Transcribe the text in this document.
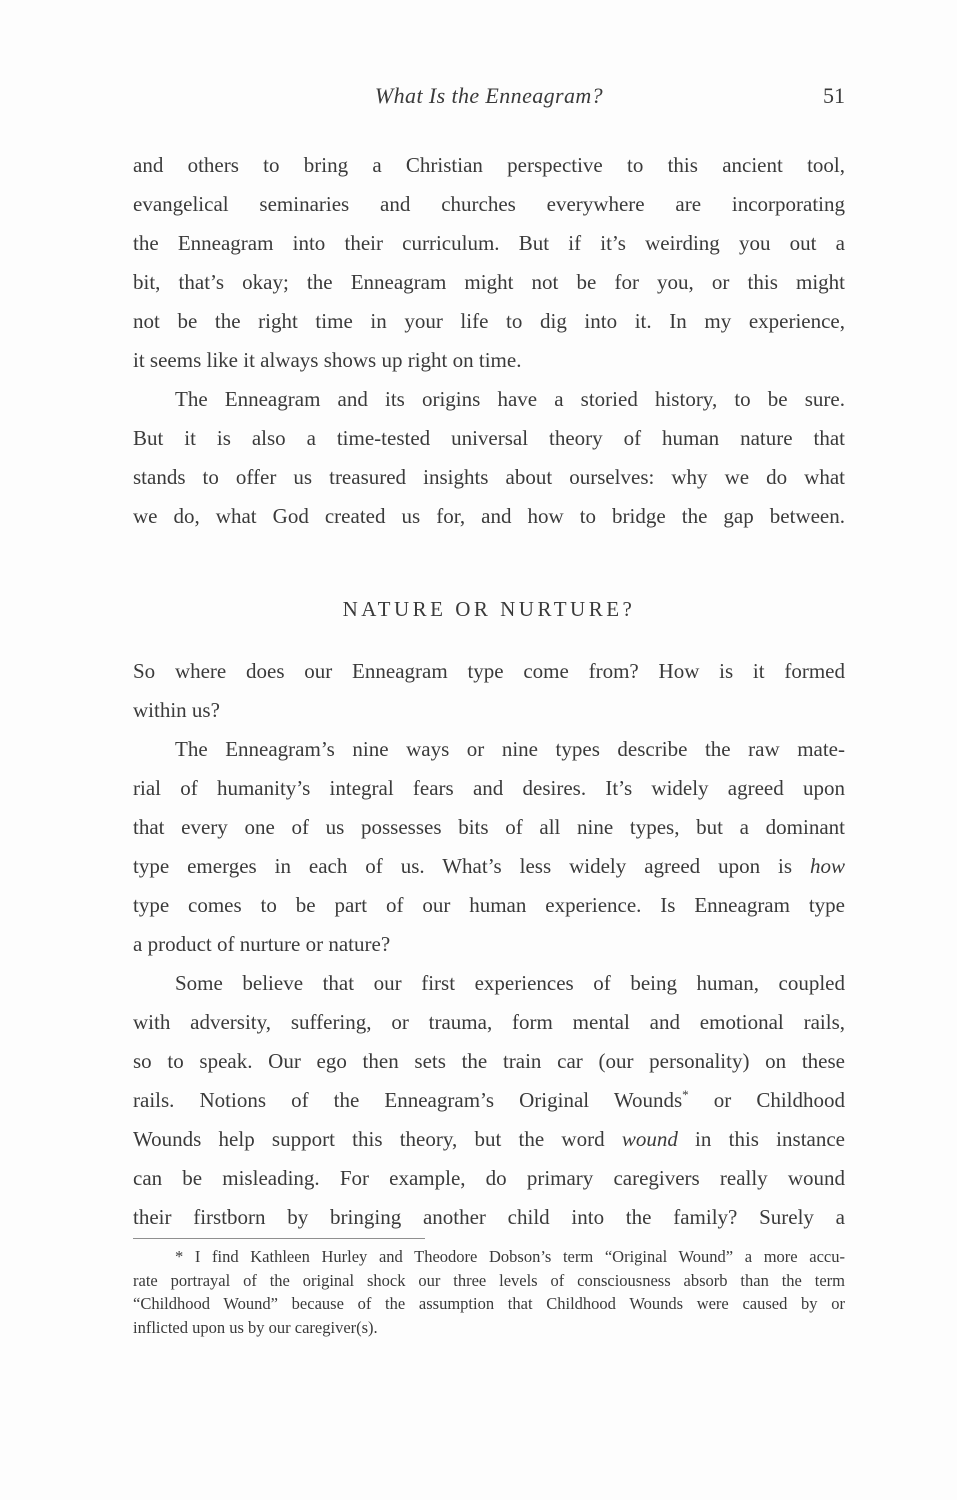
What Is the Enneagram?	51
and others to bring a Christian perspective to this ancient tool,
evangelical seminaries and churches everywhere are incorporating
the Enneagram into their curriculum. But if it’s weirding you out a
bit, that’s okay; the Enneagram might not be for you, or this might
not be the right time in your life to dig into it. In my experience,
it seems like it always shows up right on time.
The Enneagram and its origins have a storied history, to be sure.
But it is also a time-tested universal theory of human nature that
stands to offer us treasured insights about ourselves: why we do what
we do, what God created us for, and how to bridge the gap between.
NATURE OR NURTURE?
So where does our Enneagram type come from? How is it formed
within us?
The Enneagram’s nine ways or nine types describe the raw mate-
rial of humanity’s integral fears and desires. It’s widely agreed upon
that every one of us possesses bits of all nine types, but a dominant
type emerges in each of us. What’s less widely agreed upon is how
type comes to be part of our human experience. Is Enneagram type
a product of nurture or nature?
Some believe that our first experiences of being human, coupled
with adversity, suffering, or trauma, form mental and emotional rails,
so to speak. Our ego then sets the train car (our personality) on these
rails. Notions of the Enneagram’s Original Wounds* or Childhood
Wounds help support this theory, but the word wound in this instance
can be misleading. For example, do primary caregivers really wound
their firstborn by bringing another child into the family? Surely a
* I find Kathleen Hurley and Theodore Dobson’s term “Original Wound” a more accu-
rate portrayal of the original shock our three levels of consciousness absorb than the term
“Childhood Wound” because of the assumption that Childhood Wounds were caused by or
inflicted upon us by our caregiver(s).
